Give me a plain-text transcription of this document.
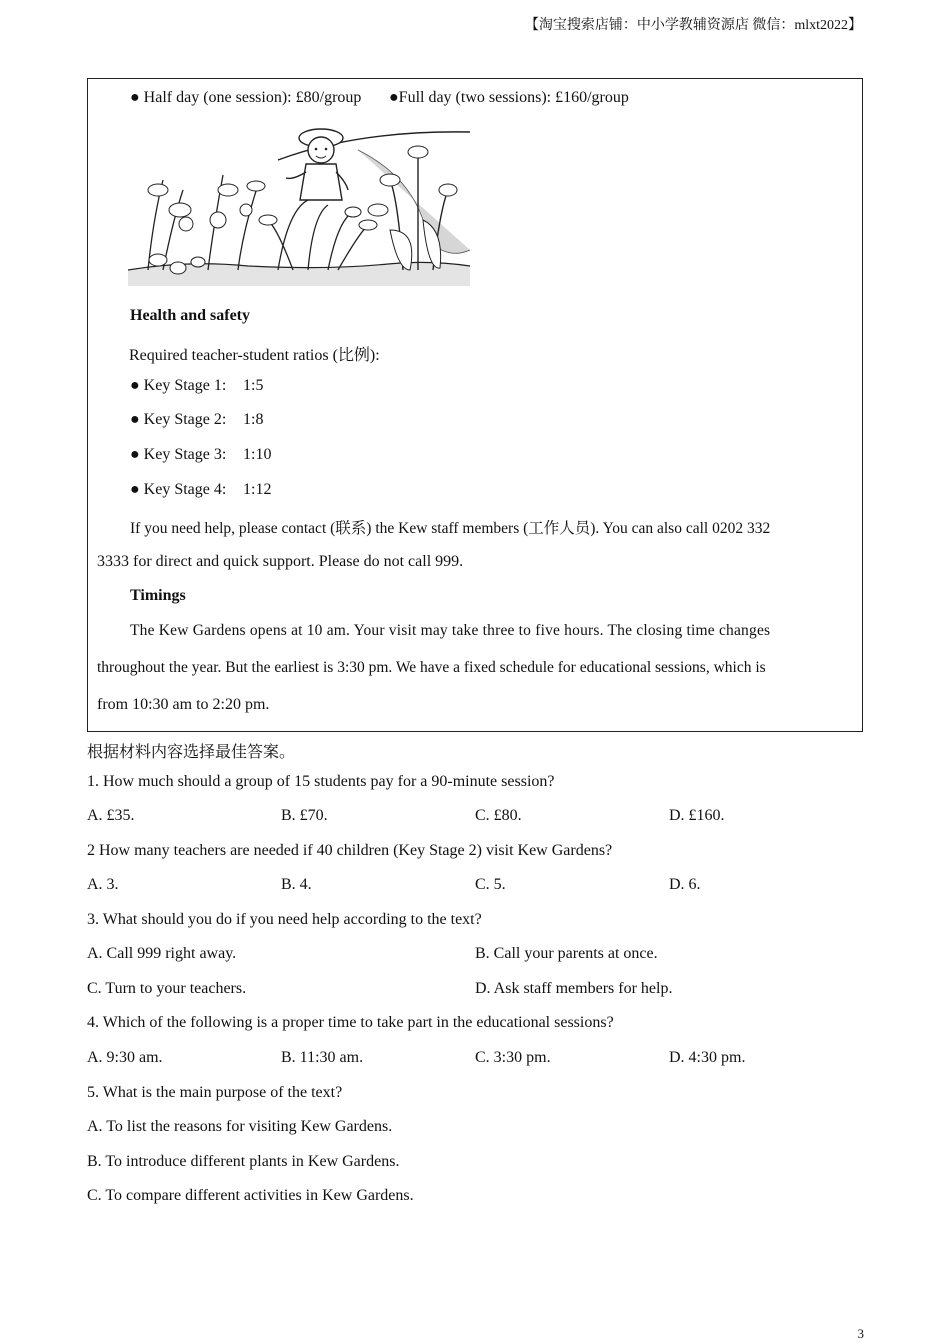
【淘宝搜索店铺：中小学教辅资源店 微信：mlxt2022】
● Half day (one session): £80/group ●Full day (two sessions): £160/group
Health and safety
Required teacher-student ratios (比例):
● Key Stage 1: 1:5
● Key Stage 2: 1:8
● Key Stage 3: 1:10
● Key Stage 4: 1:12
If you need help, please contact (联系) the Kew staff members (工作人员). You can also call 0202 332
3333 for direct and quick support. Please do not call 999.
Timings
The Kew Gardens opens at 10 am. Your visit may take three to five hours. The closing time changes
throughout the year. But the earliest is 3:30 pm. We have a fixed schedule for educational sessions, which is
from 10:30 am to 2:20 pm.
根据材料内容选择最佳答案。
1. How much should a group of 15 students pay for a 90-minute session?
A. £35.	B. £70.	C. £80.	D. £160.
2 How many teachers are needed if 40 children (Key Stage 2) visit Kew Gardens?
A. 3.	B. 4.	C. 5.	D. 6.
3. What should you do if you need help according to the text?
A. Call 999 right away.	B. Call your parents at once.
C. Turn to your teachers.	D. Ask staff members for help.
4. Which of the following is a proper time to take part in the educational sessions?
A. 9:30 am.	B. 11:30 am.	C. 3:30 pm.	D. 4:30 pm.
5. What is the main purpose of the text?
A. To list the reasons for visiting Kew Gardens.
B. To introduce different plants in Kew Gardens.
C. To compare different activities in Kew Gardens.
3
